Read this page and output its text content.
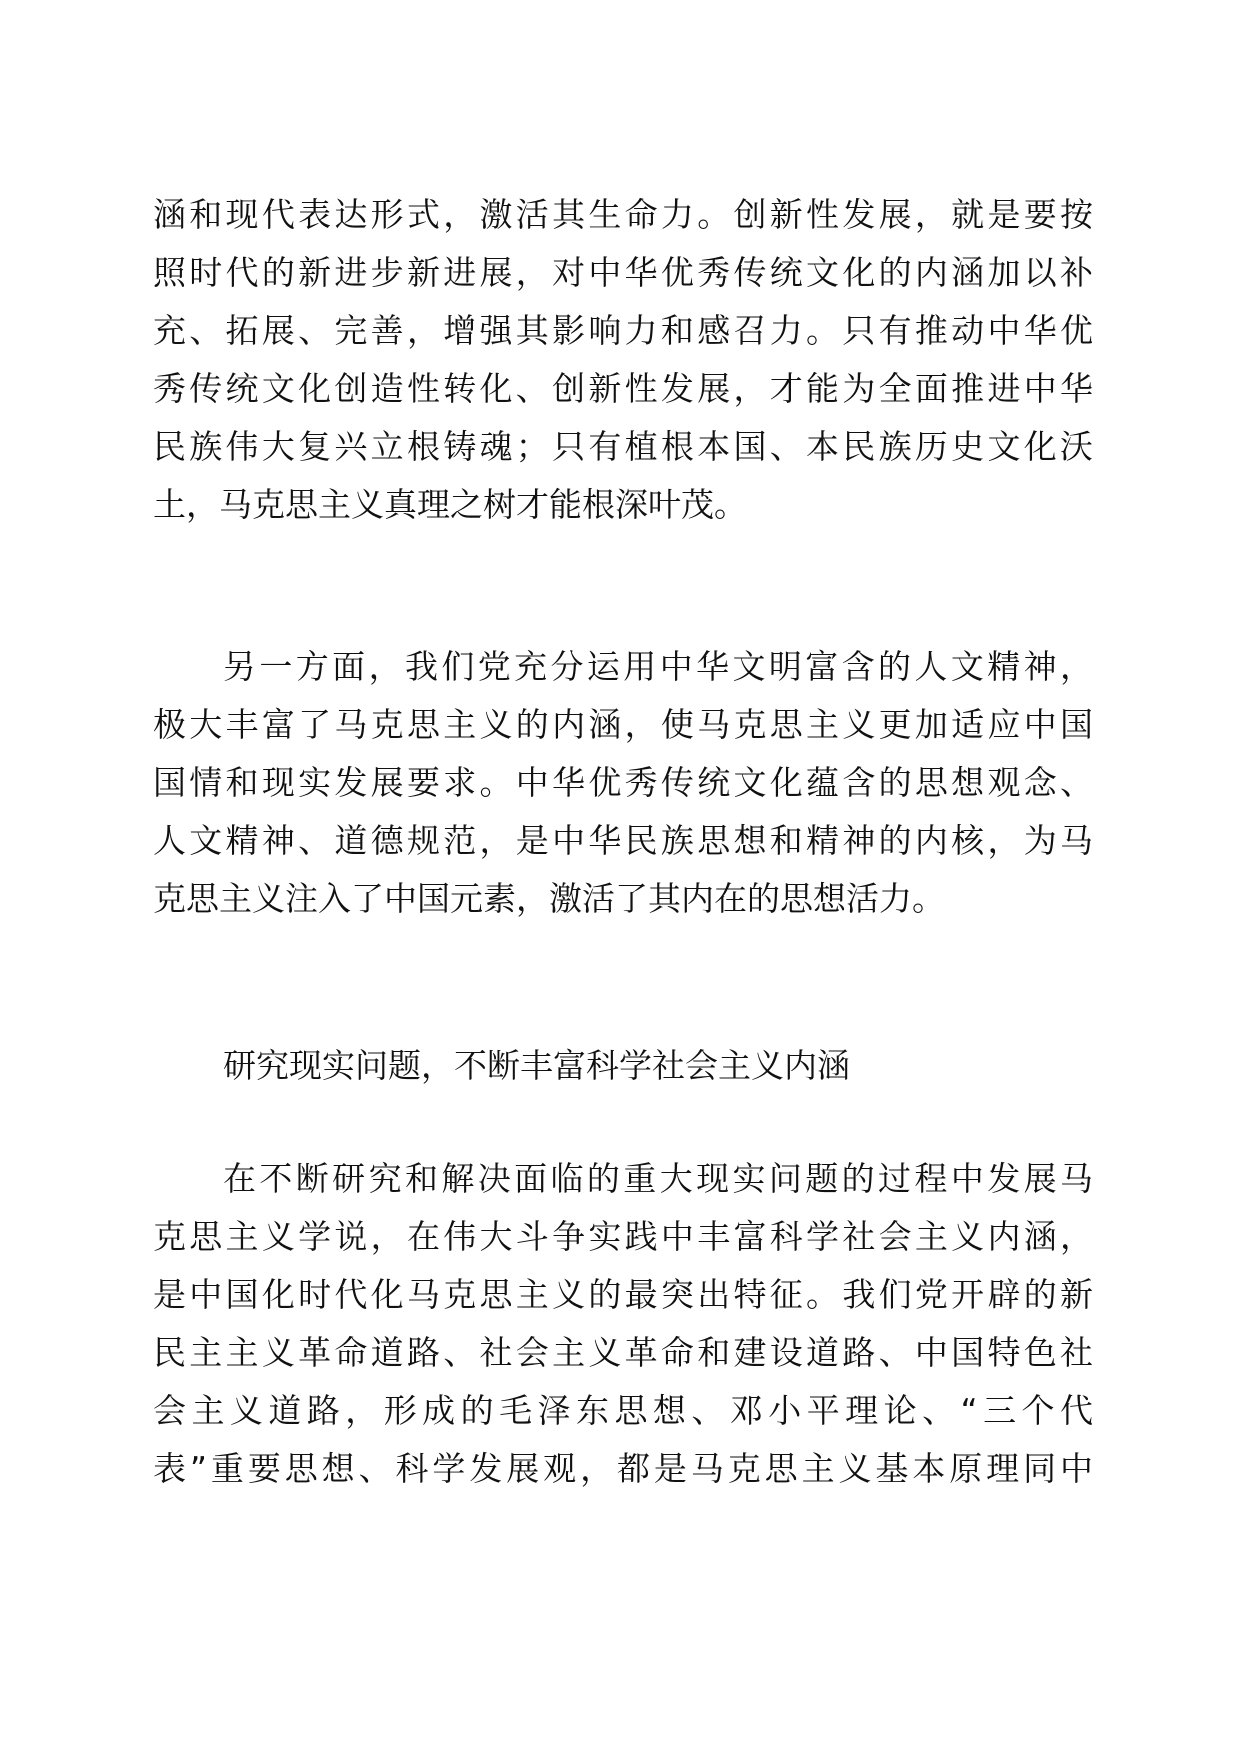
涵和现代表达形式，激活其生命力。创新性发展，就是要按
照时代的新进步新进展，对中华优秀传统文化的内涵加以补
充、拓展、完善，增强其影响力和感召力。只有推动中华优
秀传统文化创造性转化、创新性发展，才能为全面推进中华
民族伟大复兴立根铸魂；只有植根本国、本民族历史文化沃
土，马克思主义真理之树才能根深叶茂。
另一方面，我们党充分运用中华文明富含的人文精神，
极大丰富了马克思主义的内涵，使马克思主义更加适应中国
国情和现实发展要求。中华优秀传统文化蕴含的思想观念、
人文精神、道德规范，是中华民族思想和精神的内核，为马
克思主义注入了中国元素，激活了其内在的思想活力。
研究现实问题，不断丰富科学社会主义内涵
在不断研究和解决面临的重大现实问题的过程中发展马
克思主义学说，在伟大斗争实践中丰富科学社会主义内涵，
是中国化时代化马克思主义的最突出特征。我们党开辟的新
民主主义革命道路、社会主义革命和建设道路、中国特色社
会主义道路，形成的毛泽东思想、邓小平理论、“三个代
表”重要思想、科学发展观，都是马克思主义基本原理同中
